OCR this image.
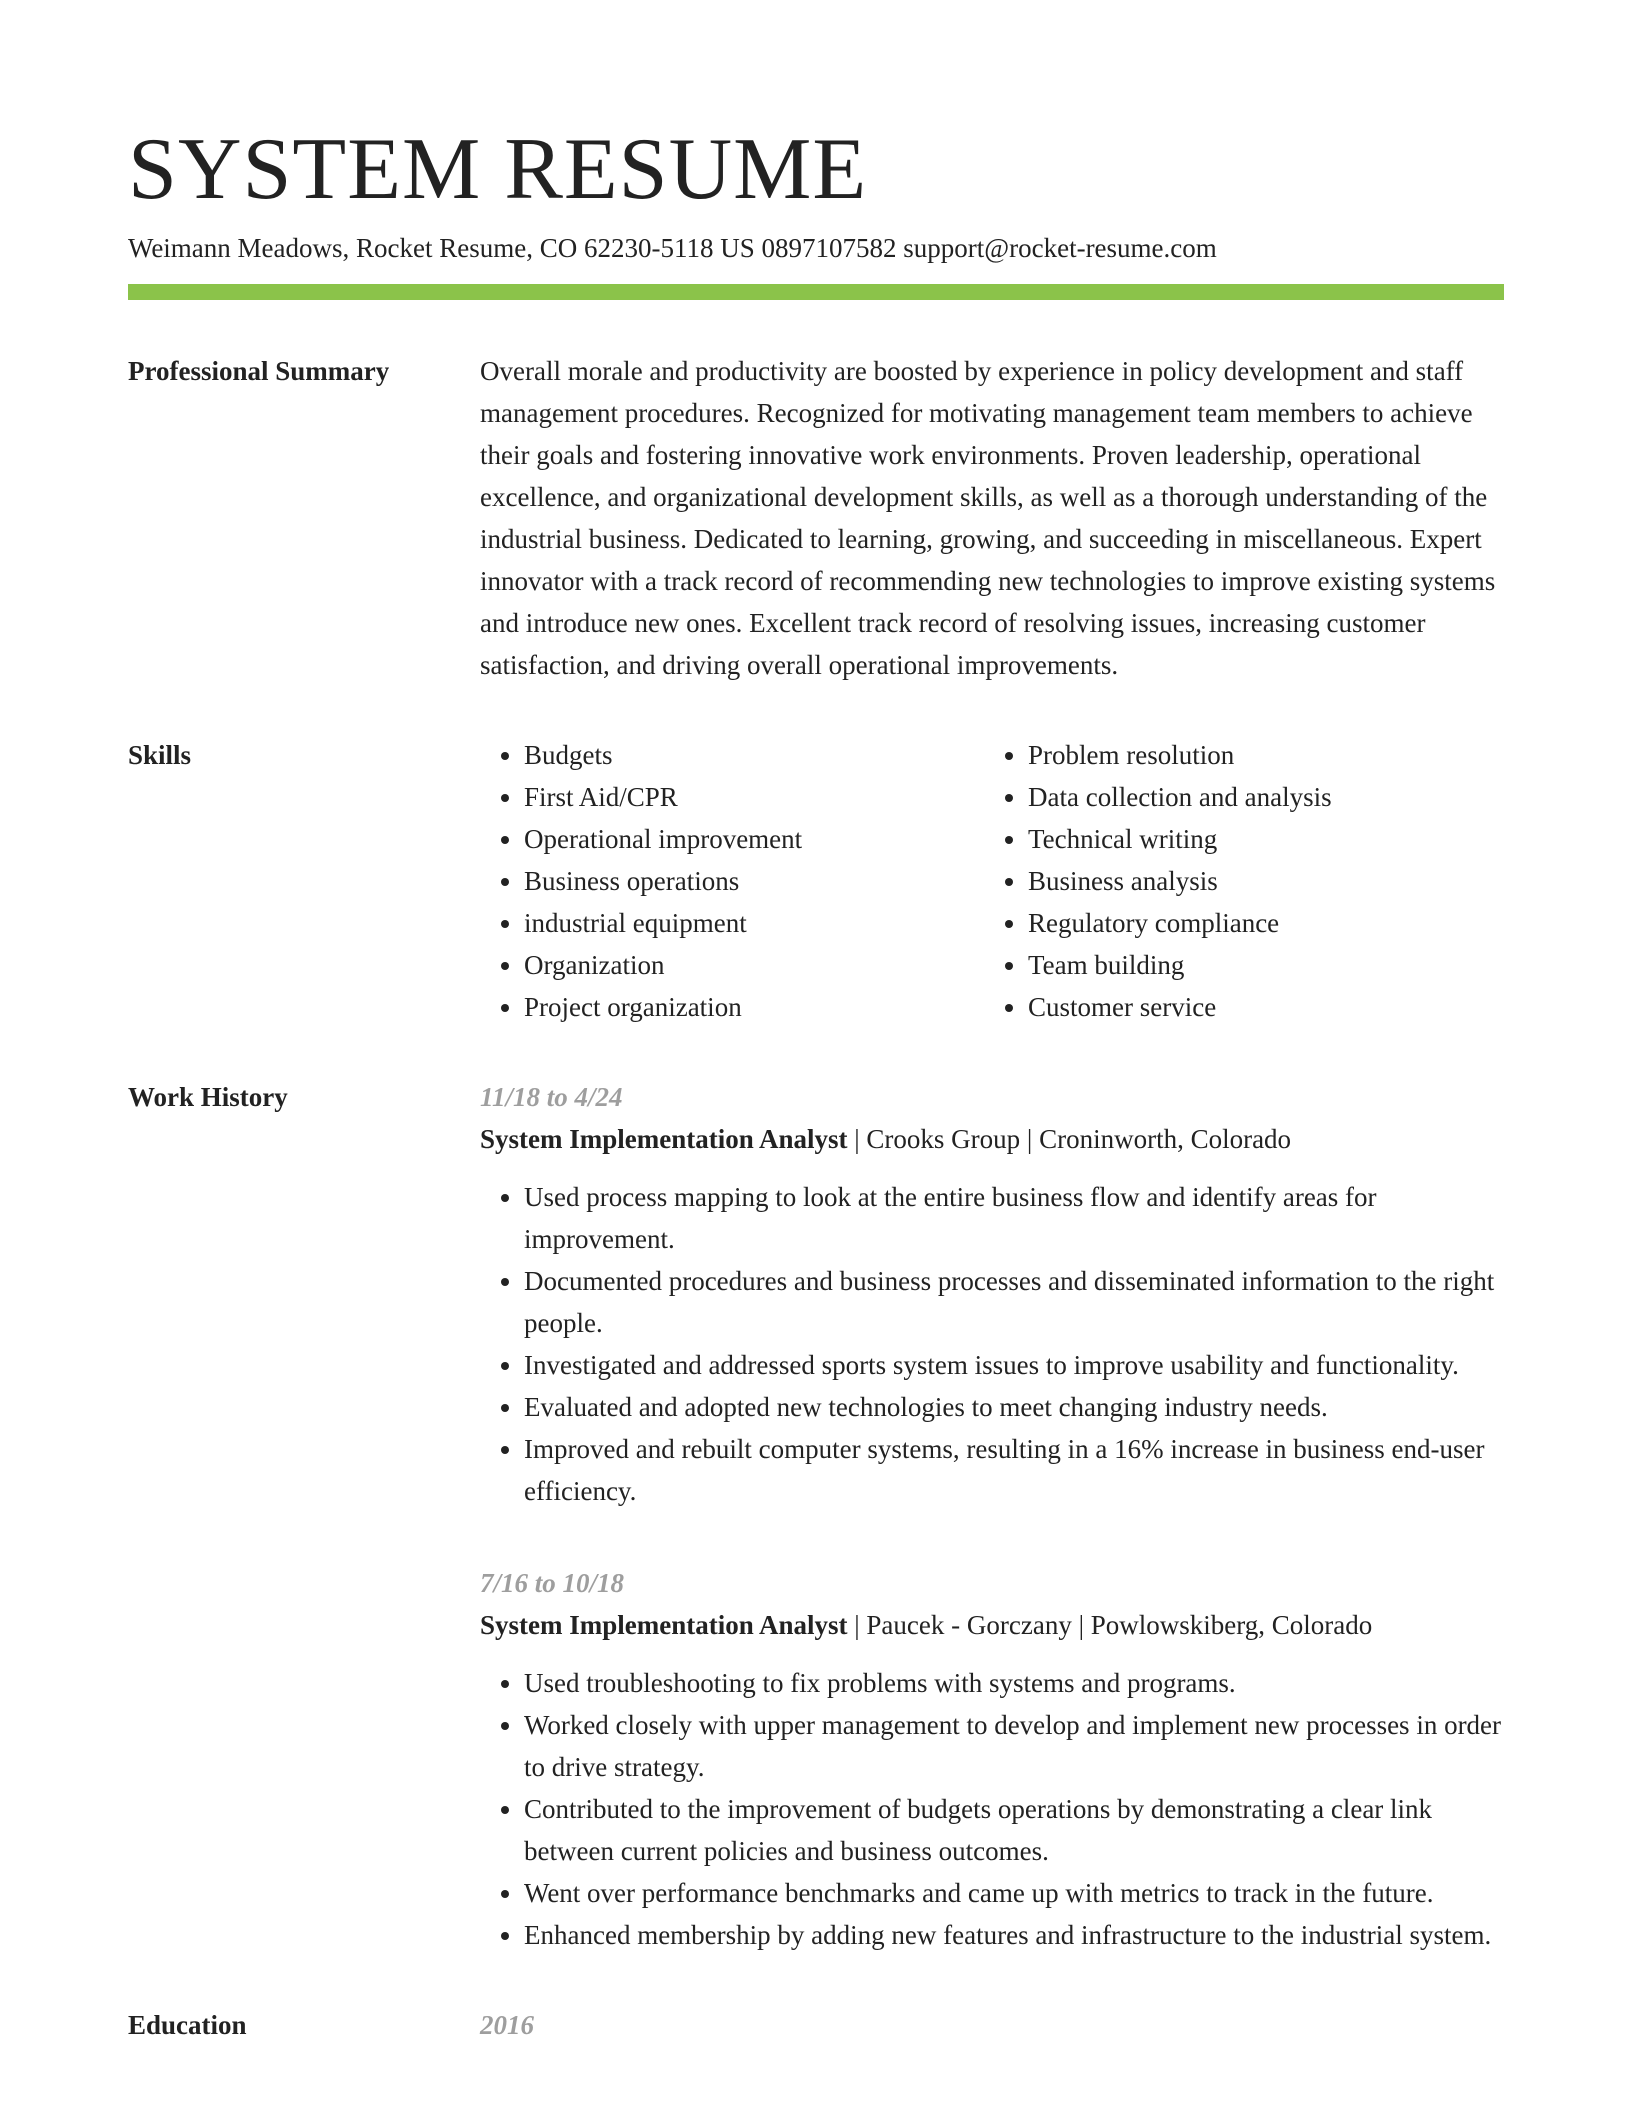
SYSTEM RESUME
Weimann Meadows, Rocket Resume, CO 62230-5118 US 0897107582 support@rocket-resume.com
Professional Summary	Overall morale and productivity are boosted by experience in policy development and staff management procedures. Recognized for motivating management team members to achieve their goals and fostering innovative work environments. Proven leadership, operational excellence, and organizational development skills, as well as a thorough understanding of the industrial business. Dedicated to learning, growing, and succeeding in miscellaneous. Expert innovator with a track record of recommending new technologies to improve existing systems and introduce new ones. Excellent track record of resolving issues, increasing customer satisfaction, and driving overall operational improvements.

Skills
•	Budgets
• First Aid/CPR
• Operational improvement
• Business operations
• industrial equipment
• Organization
• Project organization
• Problem resolution
• Data collection and analysis
• Technical writing
• Business analysis
• Regulatory compliance
• Team building
• Customer service
Work History	11/18 to 4/24
System Implementation Analyst | Crooks Group | Croninworth, Colorado
• Used process mapping to look at the entire business flow and identify areas for improvement.
• Documented procedures and business processes and disseminated information to the right people.
• Investigated and addressed sports system issues to improve usability and functionality.
• Evaluated and adopted new technologies to meet changing industry needs.
• Improved and rebuilt computer systems, resulting in a 16% increase in business end-user efficiency.
7/16 to 10/18
System Implementation Analyst | Paucek - Gorczany | Powlowskiberg, Colorado
• Used troubleshooting to fix problems with systems and programs.
• Worked closely with upper management to develop and implement new processes in order to drive strategy.
• Contributed to the improvement of budgets operations by demonstrating a clear link between current policies and business outcomes.
• Went over performance benchmarks and came up with metrics to track in the future.
• Enhanced membership by adding new features and infrastructure to the industrial system.
Education	2016
